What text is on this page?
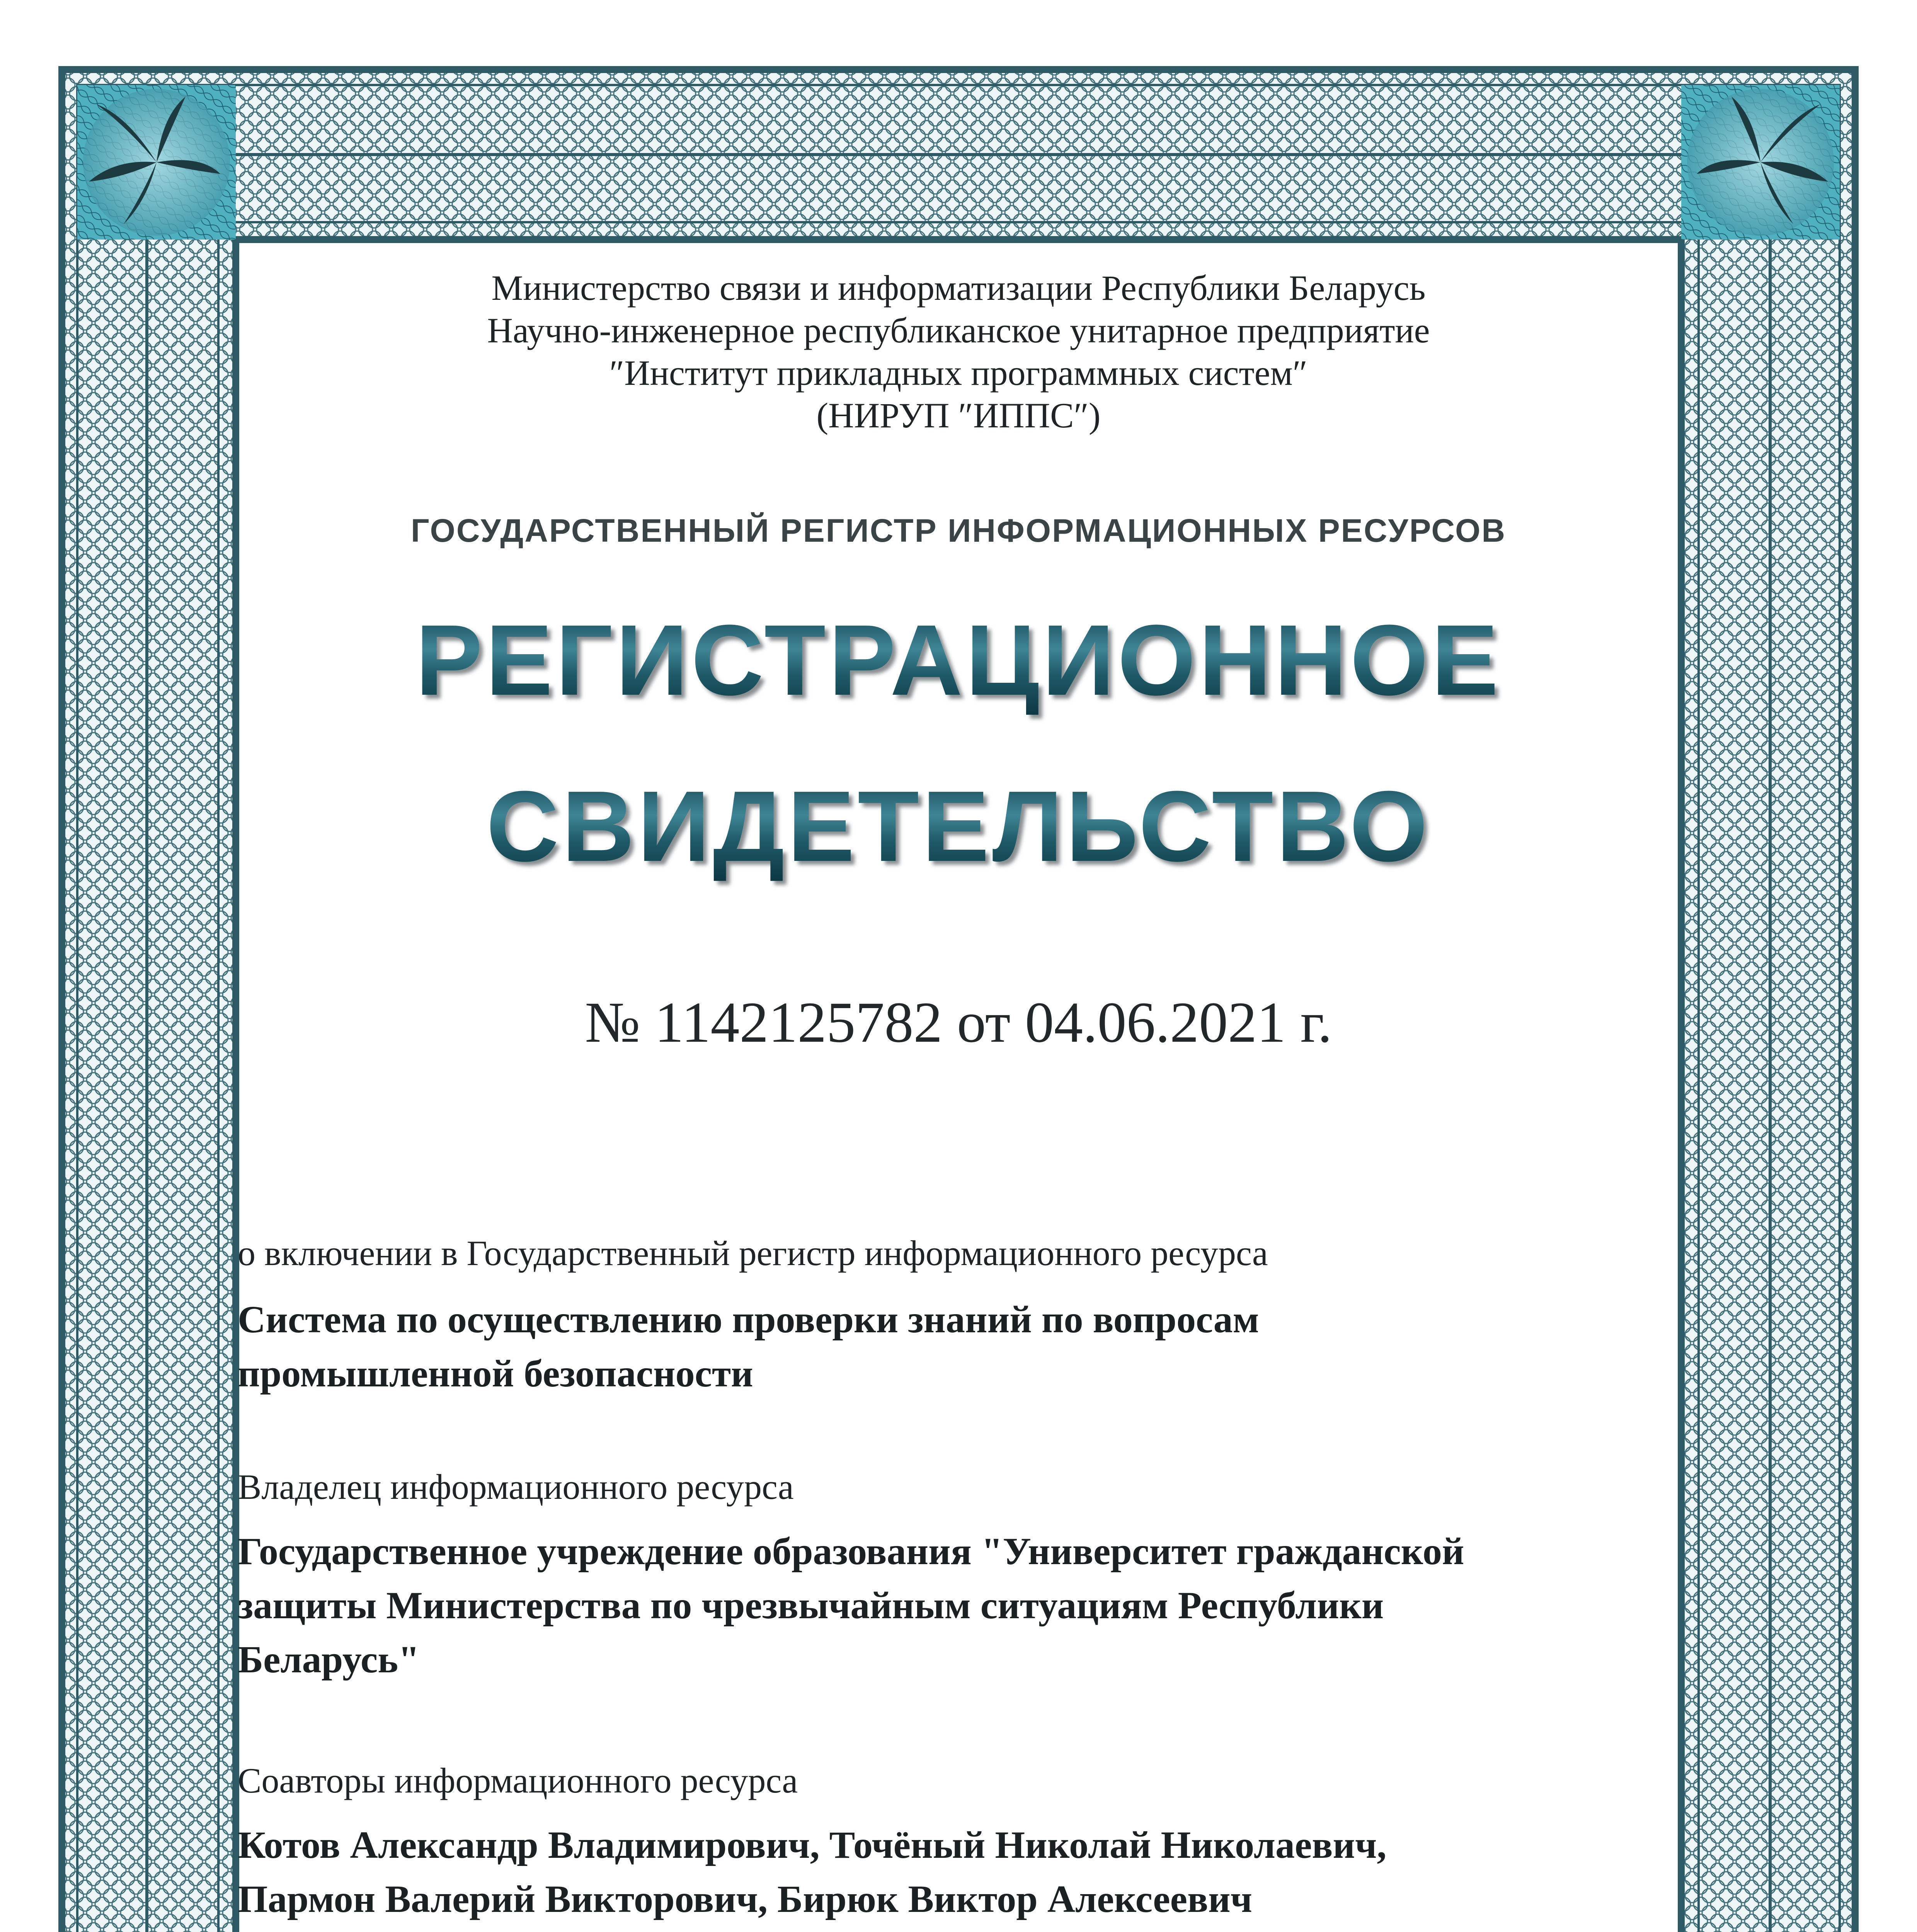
Министерство связи и информатизации Республики Беларусь
Научно-инженерное республиканское унитарное предприятие
″Институт прикладных программных систем″
(НИРУП ″ИППС″)
ГОСУДАРСТВЕННЫЙ РЕГИСТР ИНФОРМАЦИОННЫХ РЕСУРСОВ
РЕГИСТРАЦИОННОЕ
СВИДЕТЕЛЬСТВО
№ 1142125782 от 04.06.2021 г.
о включении в Государственный регистр информационного ресурса
Система по осуществлению проверки знаний по вопросам
промышленной безопасности
Владелец информационного ресурса
Государственное учреждение образования "Университет гражданской
защиты Министерства по чрезвычайным ситуациям Республики
Беларусь"
Соавторы информационного ресурса
Котов Александр Владимирович, Точёный Николай Николаевич,
Пармон Валерий Викторович, Бирюк Виктор Алексеевич
